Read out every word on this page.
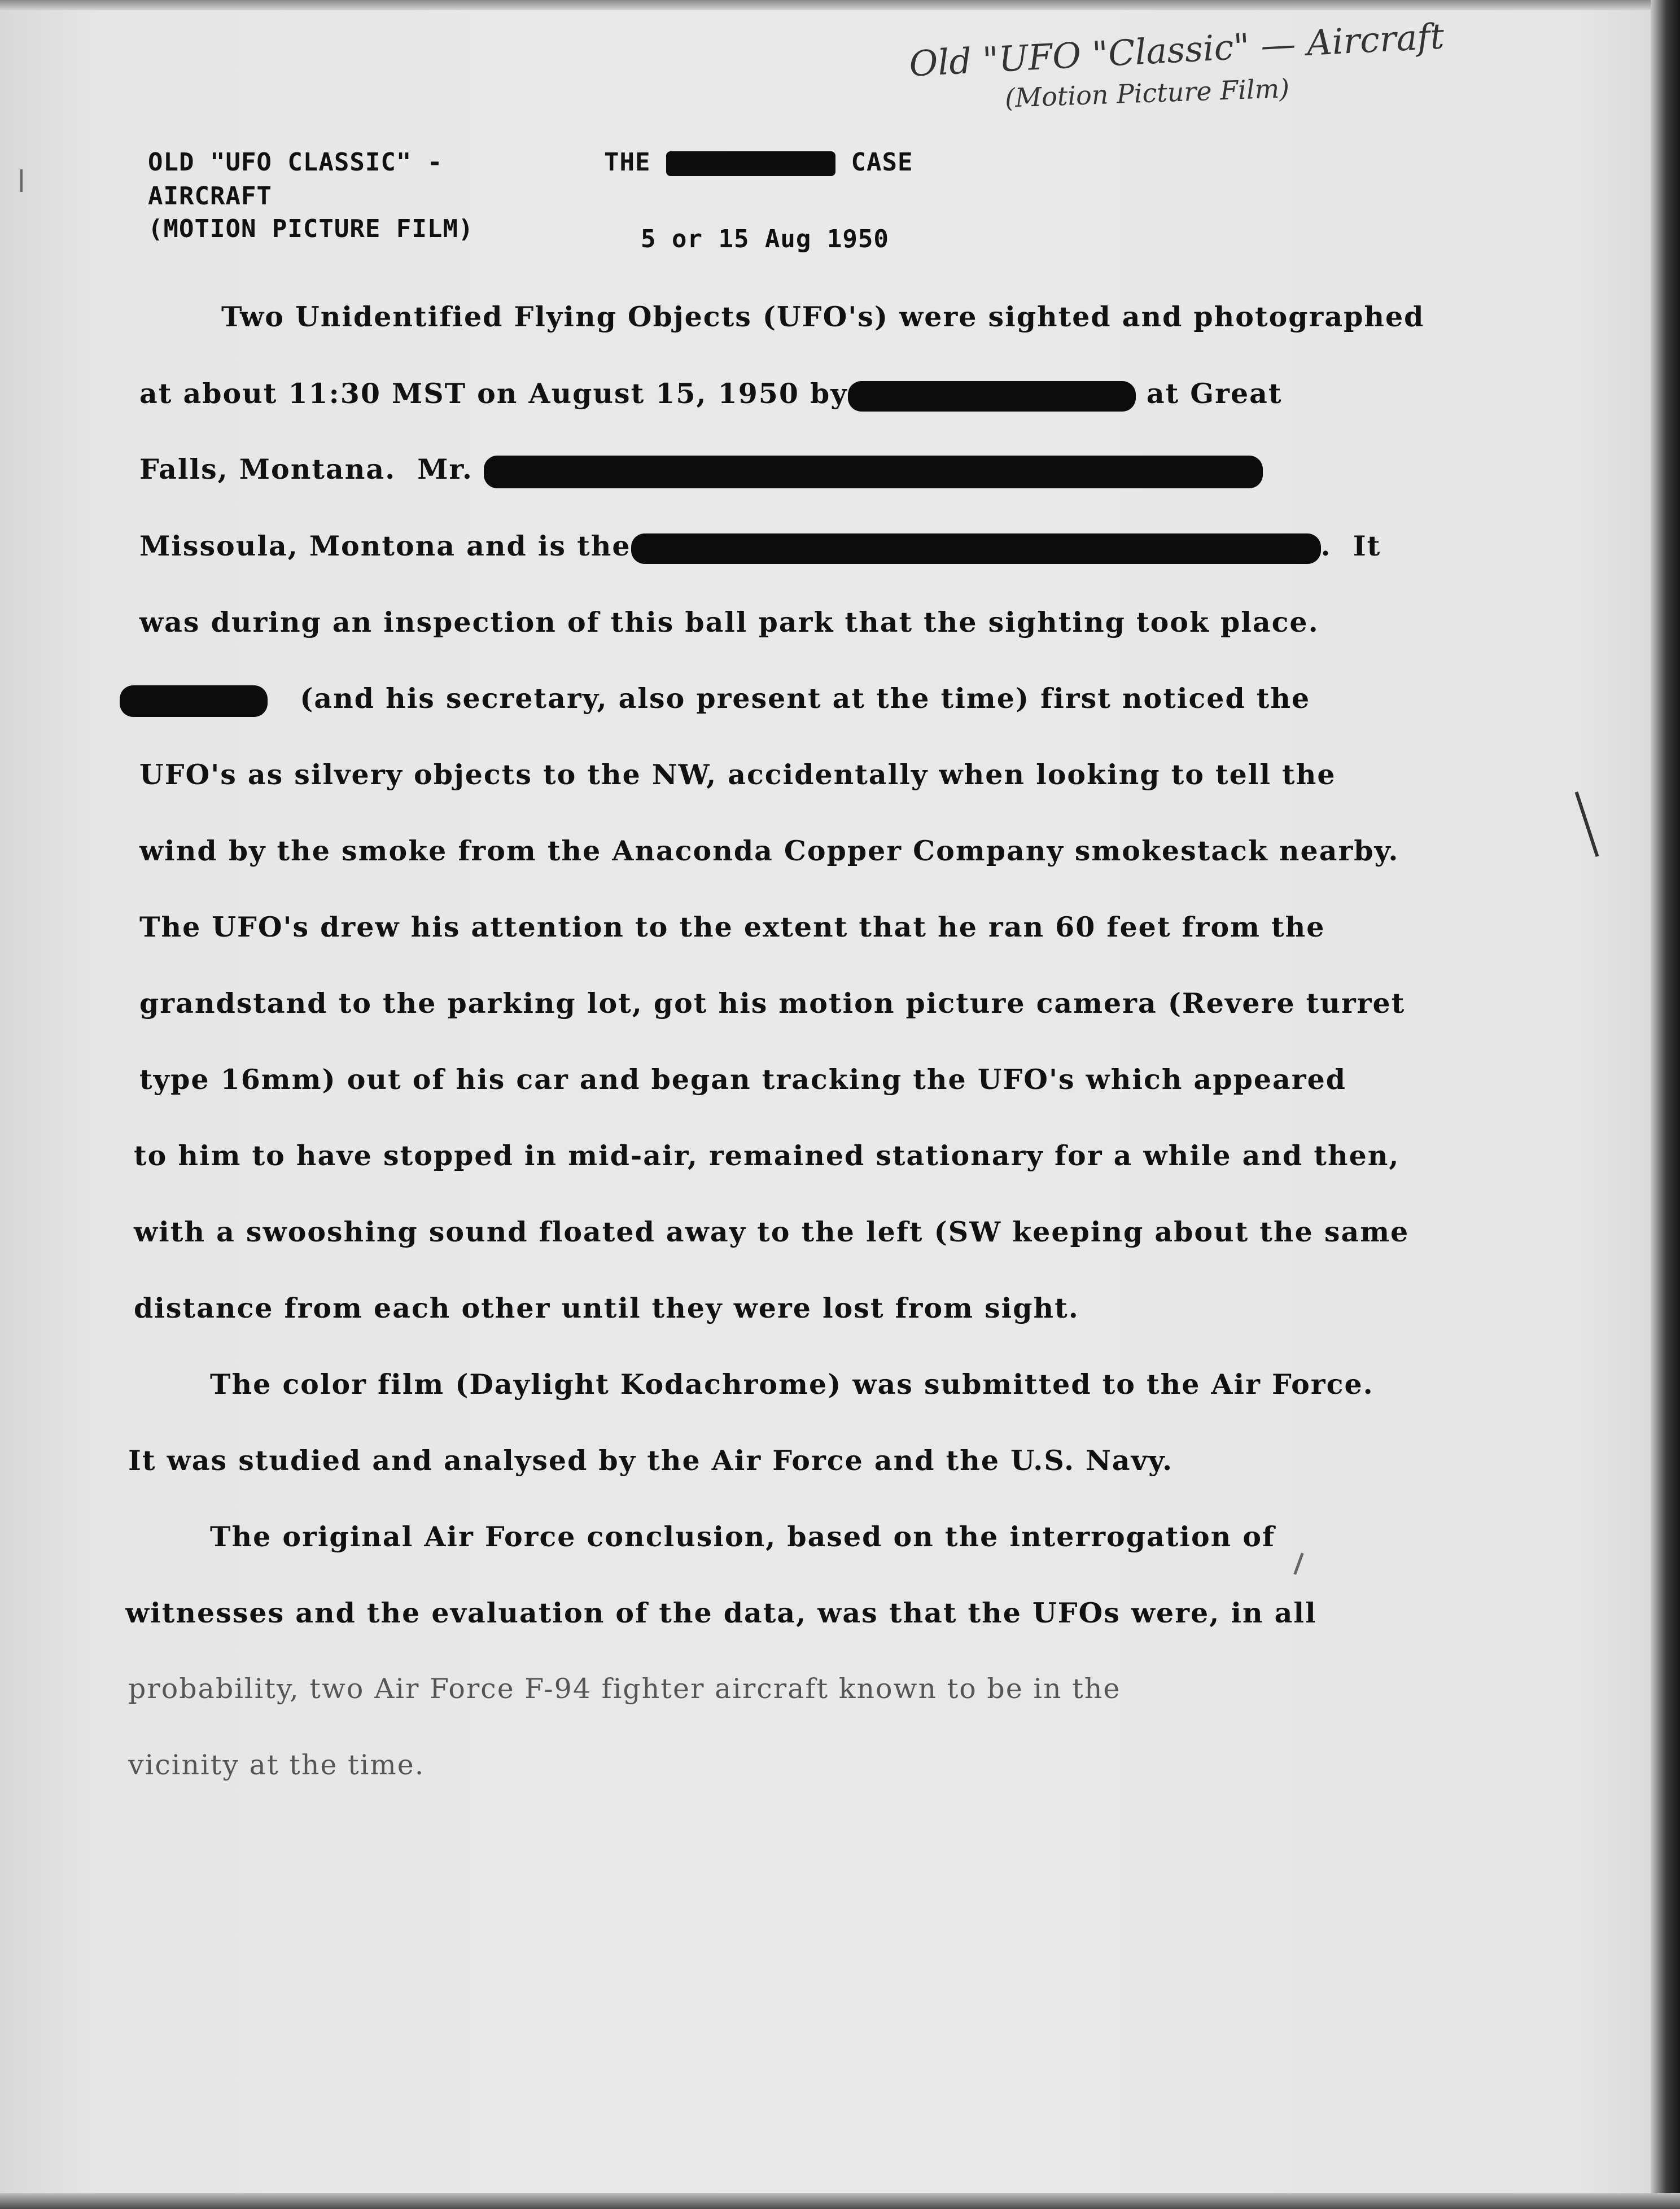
Old "UFO "Classic" — Aircraft
(Motion Picture Film)
OLD "UFO CLASSIC" -
AIRCRAFT
(MOTION PICTURE FILM)
THE	CASE
5 or 15 Aug 1950
Two Unidentified Flying Objects (UFO's) were sighted and photographed
at about 11:30 MST on August 15, 1950 by	at Great
Falls, Montana.  Mr.
Missoula, Montona and is the	.  It
was during an inspection of this ball park that the sighting took place.
(and his secretary, also present at the time) first noticed the
UFO's as silvery objects to the NW, accidentally when looking to tell the
wind by the smoke from the Anaconda Copper Company smokestack nearby.
The UFO's drew his attention to the extent that he ran 60 feet from the
grandstand to the parking lot, got his motion picture camera (Revere turret
type 16mm) out of his car and began tracking the UFO's which appeared
to him to have stopped in mid-air, remained stationary for a while and then,
with a swooshing sound floated away to the left (SW keeping about the same
distance from each other until they were lost from sight.
The color film (Daylight Kodachrome) was submitted to the Air Force.
It was studied and analysed by the Air Force and the U.S. Navy.
The original Air Force conclusion, based on the interrogation of
witnesses and the evaluation of the data, was that the UFOs were, in all
probability, two Air Force F-94 fighter aircraft known to be in the
vicinity at the time.
